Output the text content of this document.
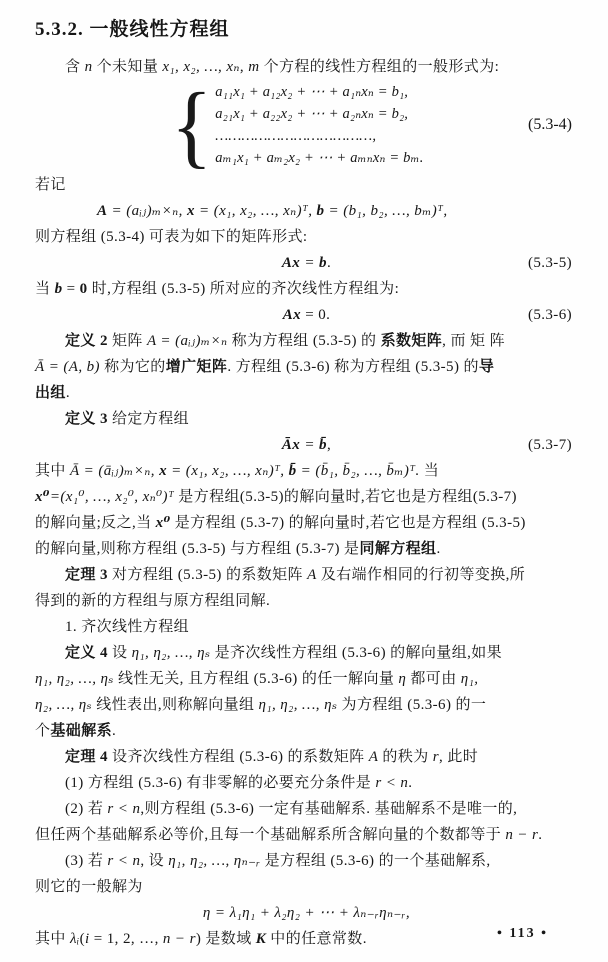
5.3.2. 一般线性方程组
含 n 个未知量 x₁, x₂, …, xₙ, m 个方程的线性方程组的一般形式为:
{ a₁₁x₁ + a₁₂x₂ + ⋯ + a₁ₙxₙ = b₁,
a₂₁x₁ + a₂₂x₂ + ⋯ + a₂ₙxₙ = b₂,
………………………………,
aₘ₁x₁ + aₘ₂x₂ + ⋯ + aₘₙxₙ = bₘ.
(5.3-4)
若记
A = (aᵢⱼ)ₘ×ₙ, x = (x₁, x₂, …, xₙ)ᵀ, b = (b₁, b₂, …, bₘ)ᵀ,
则方程组 (5.3-4) 可表为如下的矩阵形式:
Ax = b.	(5.3-5)
当 b = 0 时,方程组 (5.3-5) 所对应的齐次线性方程组为:
Ax = 0.	(5.3-6)
定义 2 矩阵 A = (aᵢⱼ)ₘ×ₙ 称为方程组 (5.3-5) 的 系数矩阵, 而 矩 阵
Ā = (A, b) 称为它的增广矩阵. 方程组 (5.3-6) 称为方程组 (5.3-5) 的导
出组.
定义 3 给定方程组
Āx = b̄,	(5.3-7)
其中 Ā = (āᵢⱼ)ₘ×ₙ, x = (x₁, x₂, …, xₙ)ᵀ, b̄ = (b̄₁, b̄₂, …, b̄ₘ)ᵀ. 当
x⁰=(x₁⁰, …, x₂⁰, xₙ⁰)ᵀ 是方程组(5.3-5)的解向量时,若它也是方程组(5.3-7)
的解向量;反之,当 x⁰ 是方程组 (5.3-7) 的解向量时,若它也是方程组 (5.3-5)
的解向量,则称方程组 (5.3-5) 与方程组 (5.3-7) 是同解方程组.
定理 3 对方程组 (5.3-5) 的系数矩阵 A 及右端作相同的行初等变换,所
得到的新的方程组与原方程组同解.
1. 齐次线性方程组
定义 4 设 η₁, η₂, …, ηₛ 是齐次线性方程组 (5.3-6) 的解向量组,如果
η₁, η₂, …, ηₛ 线性无关, 且方程组 (5.3-6) 的任一解向量 η 都可由 η₁,
η₂, …, ηₛ 线性表出,则称解向量组 η₁, η₂, …, ηₛ 为方程组 (5.3-6) 的一
个基础解系.
定理 4 设齐次线性方程组 (5.3-6) 的系数矩阵 A 的秩为 r, 此时
(1) 方程组 (5.3-6) 有非零解的必要充分条件是 r < n.
(2) 若 r < n,则方程组 (5.3-6) 一定有基础解系. 基础解系不是唯一的,
但任两个基础解系必等价,且每一个基础解系所含解向量的个数都等于 n − r.
(3) 若 r < n, 设 η₁, η₂, …, ηₙ₋ᵣ 是方程组 (5.3-6) 的一个基础解系,
则它的一般解为
η = λ₁η₁ + λ₂η₂ + ⋯ + λₙ₋ᵣηₙ₋ᵣ,
其中 λᵢ(i = 1, 2, …, n − r) 是数域 K 中的任意常数.	• 113 •
